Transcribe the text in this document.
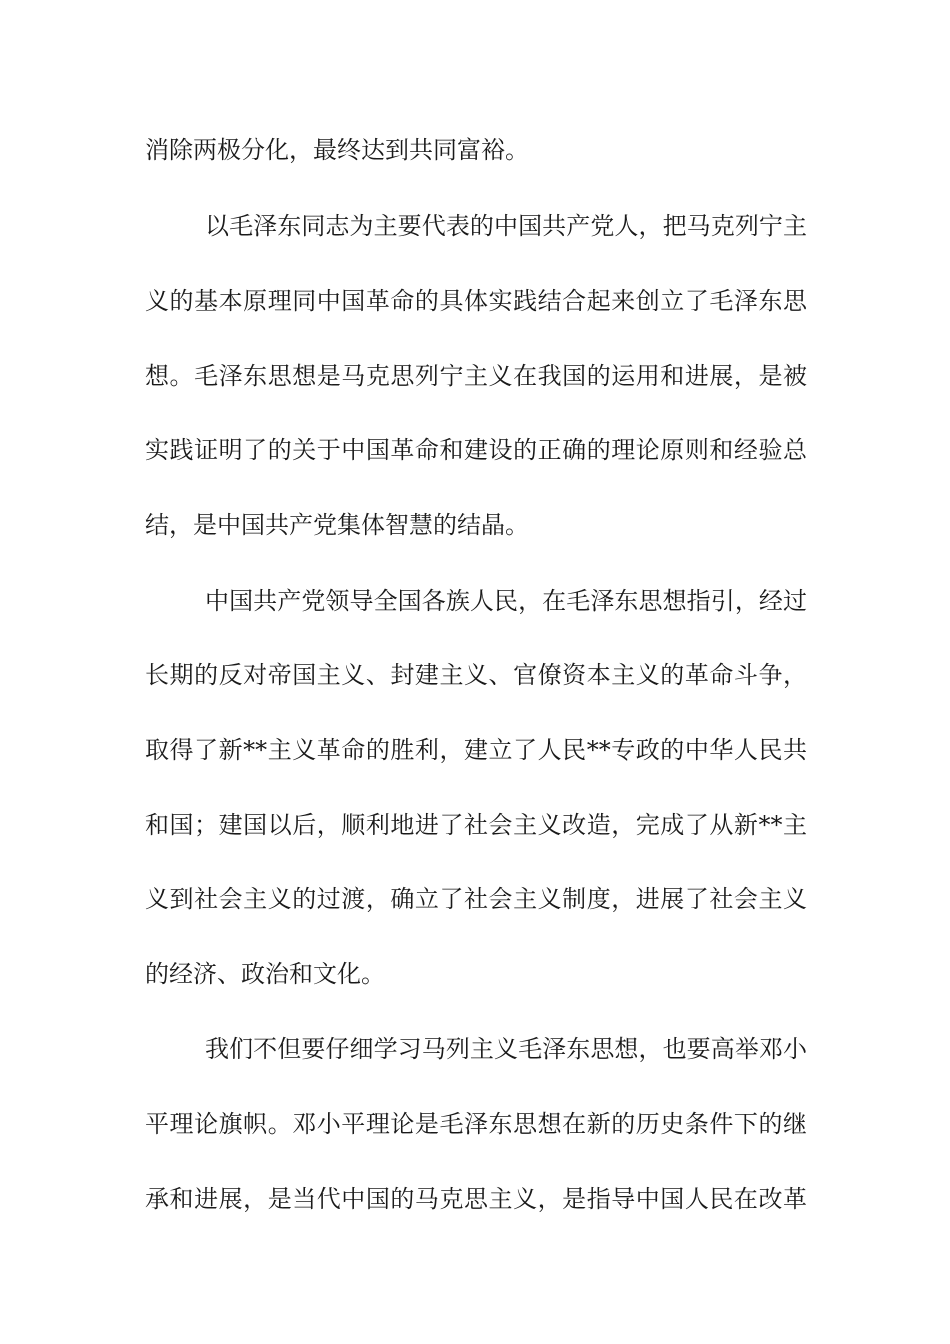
消除两极分化，最终达到共同富裕。
以毛泽东同志为主要代表的中国共产党人，把马克列宁主
义的基本原理同中国革命的具体实践结合起来创立了毛泽东思
想。毛泽东思想是马克思列宁主义在我国的运用和进展，是被
实践证明了的关于中国革命和建设的正确的理论原则和经验总
结，是中国共产党集体智慧的结晶。
中国共产党领导全国各族人民，在毛泽东思想指引，经过
长期的反对帝国主义、封建主义、官僚资本主义的革命斗争，
取得了新**主义革命的胜利，建立了人民**专政的中华人民共
和国；建国以后，顺利地进了社会主义改造，完成了从新**主
义到社会主义的过渡，确立了社会主义制度，进展了社会主义
的经济、政治和文化。
我们不但要仔细学习马列主义毛泽东思想，也要高举邓小
平理论旗帜。邓小平理论是毛泽东思想在新的历史条件下的继
承和进展，是当代中国的马克思主义，是指导中国人民在改革
